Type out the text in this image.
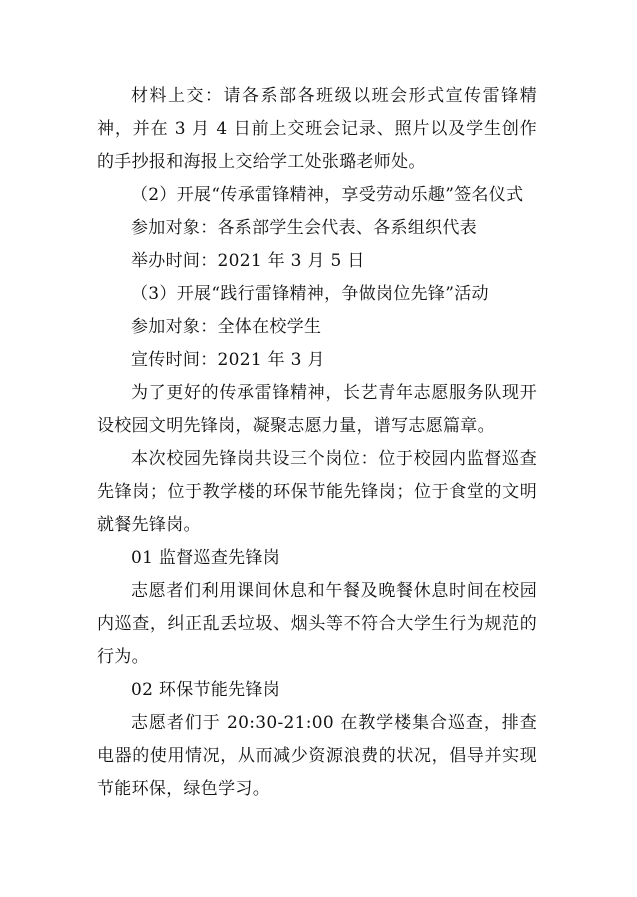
材料上交：请各系部各班级以班会形式宣传雷锋精神，并在 3 月 4 日前上交班会记录、照片以及学生创作的手抄报和海报上交给学工处张璐老师处。

（2）开展“传承雷锋精神，享受劳动乐趣”签名仪式

参加对象：各系部学生会代表、各系组织代表

举办时间：2021 年 3 月 5 日

（3）开展“践行雷锋精神，争做岗位先锋”活动

参加对象：全体在校学生

宣传时间：2021 年 3 月

为了更好的传承雷锋精神，长艺青年志愿服务队现开设校园文明先锋岗，凝聚志愿力量，谱写志愿篇章。

本次校园先锋岗共设三个岗位：位于校园内监督巡查先锋岗；位于教学楼的环保节能先锋岗；位于食堂的文明就餐先锋岗。

01 监督巡查先锋岗

志愿者们利用课间休息和午餐及晚餐休息时间在校园内巡查，纠正乱丢垃圾、烟头等不符合大学生行为规范的行为。

02 环保节能先锋岗

志愿者们于 20:30-21:00 在教学楼集合巡查，排查电器的使用情况，从而减少资源浪费的状况，倡导并实现节能环保，绿色学习。
